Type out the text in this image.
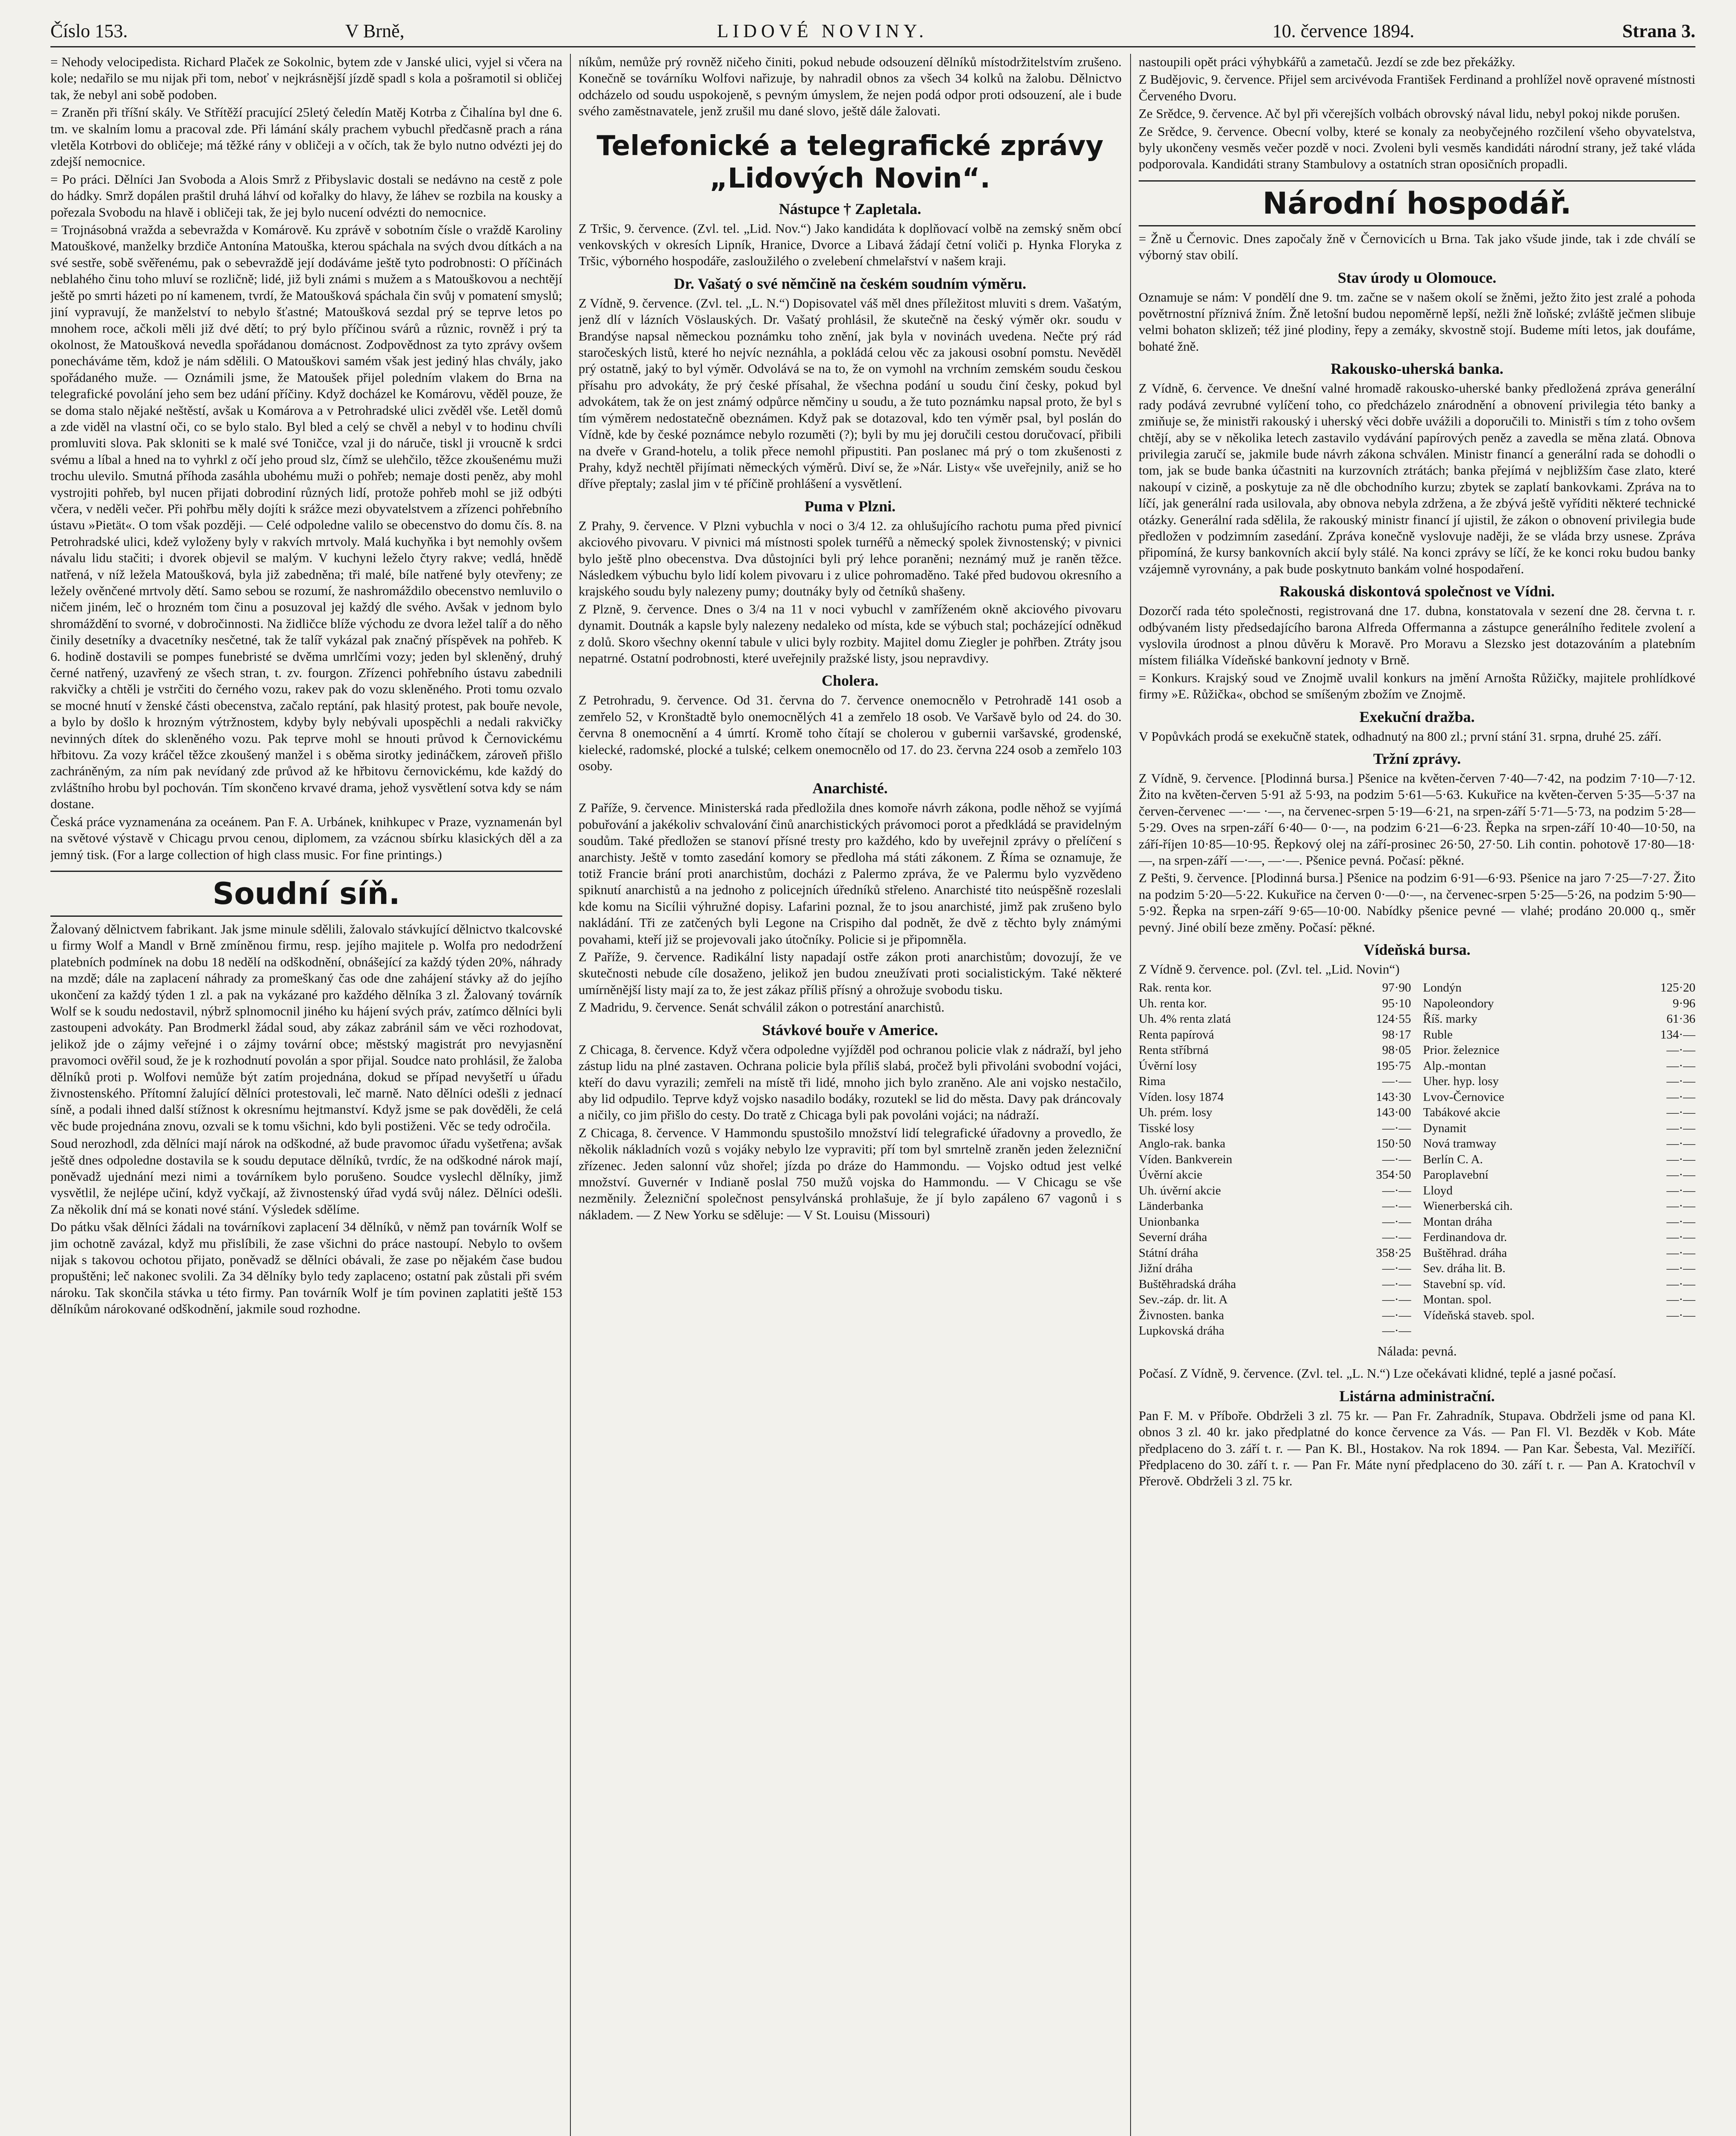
Číslo 153.	V Brně,	LIDOVÉ NOVINY.	10. července 1894.	Strana 3.

= Nehody velocipedista. Richard Plaček ze Sokolnic, bytem zde v Janské ulici, vyjel si včera na kole; nedařilo se mu nijak při tom, neboť v nejkrásnější jízdě spadl s kola a pošramotil si obličej tak, že nebyl ani sobě podoben.

= Zraněn při tříšní skály. Ve Střítěží pracující 25letý čeledín Matěj Kotrba z Čihalína byl dne 6. tm. ve skalním lomu a pracoval zde. Při lámání skály prachem vybuchl předčasně prach a rána vletěla Kotrbovi do obličeje; má těžké rány v obličeji a v očích, tak že bylo nutno odvézti jej do zdejší nemocnice.

= Po práci. Dělníci Jan Svoboda a Alois Smrž z Přibyslavic dostali se nedávno na cestě z pole do hádky. Smrž dopálen praštil druhá láhví od kořalky do hlavy, že láhev se rozbila na kousky a pořezala Svobodu na hlavě i obličeji tak, že jej bylo nucení odvézti do nemocnice.

= Trojnásobná vražda a sebevražda v Komárově. Ku zprávě v sobotním čísle o vraždě Karoliny Matouškové, manželky brzdiče Antonína Matouška, kterou spáchala na svých dvou dítkách a na své sestře, sobě svěřenému, pak o sebevraždě její dodáváme ještě tyto podrobnosti: O příčinách neblahého činu toho mluví se rozličně; lidé, již byli známi s mužem a s Matouškovou a nechtějí ještě po smrti házeti po ní kamenem, tvrdí, že Matoušková spáchala čin svůj v pomatení smyslů; jiní vypravují, že manželství to nebylo šťastné; Matoušková sezdal prý se teprve letos po mnohem roce, ačkoli měli již dvé dětí; to prý bylo příčinou svárů a různic, rovněž i prý ta okolnost, že Matoušková nevedla spořádanou domácnost. Zodpovědnost za tyto zprávy ovšem ponecháváme těm, kdož je nám sdělili. O Matouškovi samém však jest jediný hlas chvály, jako spořádaného muže. — Oznámili jsme, že Matoušek přijel poledním vlakem do Brna na telegrafické povolání jeho sem bez udání příčiny. Když docházel ke Komárovu, věděl pouze, že se doma stalo nějaké neštěstí, avšak u Komárova a v Petrohradské ulici zvěděl vše. Letěl domů a zde viděl na vlastní oči, co se bylo stalo. Byl bled a celý se chvěl a nebyl v to hodinu chvíli promluviti slova. Pak skloniti se k malé své Toničce, vzal ji do náruče, tiskl ji vroucně k srdci svému a líbal a hned na to vyhrkl z očí jeho proud slz, čímž se ulehčilo, těžce zkoušenému muži trochu ulevilo. Smutná příhoda zasáhla ubohému muži o pohřeb; nemaje dosti peněz, aby mohl vystrojiti pohřeb, byl nucen přijati dobrodiní různých lidí, protože pohřeb mohl se již odbýti včera, v neděli večer. Při pohřbu měly dojíti k srážce mezi obyvatelstvem a zřízenci pohřebního ústavu »Pietät«. O tom však později. — Celé odpoledne valilo se obecenstvo do domu čís. 8. na Petrohradské ulici, kdež vyloženy byly v rakvích mrtvoly. Malá kuchyňka i byt nemohly ovšem návalu lidu stačiti; i dvorek objevil se malým. V kuchyni leželo čtyry rakve; vedlá, hnědě natřená, v níž ležela Matoušková, byla již zabedněna; tři malé, bíle natřené byly otevřeny; ze ležely ověnčené mrtvoly dětí. Samo sebou se rozumí, že nashromáždilo obecenstvo nemluvilo o ničem jiném, leč o hrozném tom činu a posuzoval jej každý dle svého. Avšak v jednom bylo shromáždění to svorné, v dobročinnosti. Na židličce blíže východu ze dvora ležel talíř a do něho činily desetníky a dvacetníky nesčetné, tak že talíř vykázal pak značný příspěvek na pohřeb. K 6. hodině dostavili se pompes funebristé se dvěma umrlčími vozy; jeden byl skleněný, druhý černé natřený, uzavřený ze všech stran, t. zv. fourgon. Zřízenci pohřebního ústavu zabednili rakvičky a chtěli je vstrčiti do černého vozu, rakev pak do vozu skleněného. Proti tomu ozvalo se mocné hnutí v ženské části obecenstva, začalo reptání, pak hlasitý protest, pak bouře nevole, a bylo by došlo k hrozným výtržnostem, kdyby byly nebývali upospěchli a nedali rakvičky nevinných dítek do skleněného vozu. Pak teprve mohl se hnouti průvod k Černovickému hřbitovu. Za vozy kráčel těžce zkoušený manžel i s oběma sirotky jedináčkem, zároveň přišlo zachráněným, za ním pak nevídaný zde průvod až ke hřbitovu černovickému, kde každý do zvláštního hrobu byl pochován. Tím skončeno krvavé drama, jehož vysvětlení sotva kdy se nám dostane.

Česká práce vyznamenána za oceánem. Pan F. A. Urbánek, knihkupec v Praze, vyznamenán byl na světové výstavě v Chicagu prvou cenou, diplomem, za vzácnou sbírku klasických děl a za jemný tisk. (For a large collection of high class music. For fine printings.)

Soudní síň.

Žalovaný dělnictvem fabrikant. Jak jsme minule sdělili, žalovalo stávkující dělnictvo tkalcovské u firmy Wolf a Mandl v Brně zmíněnou firmu, resp. jejího majitele p. Wolfa pro nedodržení platebních podmínek na dobu 18 nedělí na odškodnění, obnášející za každý týden 20%, náhrady na mzdě; dále na zaplacení náhrady za promeškaný čas ode dne zahájení stávky až do jejího ukončení za každý týden 1 zl. a pak na vykázané pro každého dělníka 3 zl. Žalovaný továrník Wolf se k soudu nedostavil, nýbrž splnomocnil jiného ku hájení svých práv, zatímco dělníci byli zastoupeni advokáty. Pan Brodmerkl žádal soud, aby zákaz zabránil sám ve věci rozhodovat, jelikož jde o zájmy veřejné i o zájmy tovární obce; městský magistrát pro nevyjasnění pravomoci ověřil soud, že je k rozhodnutí povolán a spor přijal. Soudce nato prohlásil, že žaloba dělníků proti p. Wolfovi nemůže být zatím projednána, dokud se případ nevyšetří u úřadu živnostenského. Přítomní žalující dělníci protestovali, leč marně. Nato dělníci odešli z jednací síně, a podali ihned další stížnost k okresnímu hejtmanství. Když jsme se pak dověděli, že celá věc bude projednána znovu, ozvali se k tomu všichni, kdo byli postiženi. Věc se tedy odročila.

Soud nerozhodl, zda dělníci mají nárok na odškodné, až bude pravomoc úřadu vyšetřena; avšak ještě dnes odpoledne dostavila se k soudu deputace dělníků, tvrdíc, že na odškodné nárok mají, poněvadž ujednání mezi nimi a továrníkem bylo porušeno. Soudce vyslechl dělníky, jimž vysvětlil, že nejlépe učiní, když vyčkají, až živnostenský úřad vydá svůj nález. Dělníci odešli. Za několik dní má se konati nové stání. Výsledek sdělíme.

Do pátku však dělníci žádali na továrníkovi zaplacení 34 dělníků, v němž pan továrník Wolf se jim ochotně zavázal, když mu přislíbili, že zase všichni do práce nastoupí. Nebylo to ovšem nijak s takovou ochotou přijato, poněvadž se dělníci obávali, že zase po nějakém čase budou propuštěni; leč nakonec svolili. Za 34 dělníky bylo tedy zaplaceno; ostatní pak zůstali při svém nároku. Tak skončila stávka u této firmy. Pan továrník Wolf je tím povinen zaplatiti ještě 153 dělníkům nárokované odškodnění, jakmile soud rozhodne.

níkům, nemůže prý rovněž ničeho činiti, pokud nebude odsouzení dělníků místodržitelstvím zrušeno. Konečně se továrníku Wolfovi nařizuje, by nahradil obnos za všech 34 kolků na žalobu. Dělnictvo odcházelo od soudu uspokojeně, s pevným úmyslem, že nejen podá odpor proti odsouzení, ale i bude svého zaměstnavatele, jenž zrušil mu dané slovo, ještě dále žalovati.

Telefonické a telegrafické zprávy „Lidových Novin“.
Nástupce † Zapletala.

Z Tršic, 9. července. (Zvl. tel. „Lid. Nov.“) Jako kandidáta k doplňovací volbě na zemský sněm obcí venkovských v okresích Lipník, Hranice, Dvorce a Libavá žádají četní voliči p. Hynka Floryka z Tršic, výborného hospodáře, zasloužilého o zvelebení chmelařství v našem kraji.

Dr. Vašatý o své němčině na českém soudním výměru.

Z Vídně, 9. července. (Zvl. tel. „L. N.“) Dopisovatel váš měl dnes příležitost mluviti s drem. Vašatým, jenž dlí v lázních Vöslauských. Dr. Vašatý prohlásil, že skutečně na český výměr okr. soudu v Brandýse napsal německou poznámku toho znění, jak byla v novinách uvedena. Nečte prý rád staročeských listů, které ho nejvíc neznáhla, a pokládá celou věc za jakousi osobní pomstu. Nevěděl prý ostatně, jaký to byl výměr. Odvolává se na to, že on vymohl na vrchním zemském soudu českou přísahu pro advokáty, že prý české přísahal, že všechna podání u soudu činí česky, pokud byl advokátem, tak že on jest známý odpůrce němčiny u soudu, a že tuto poznámku napsal proto, že byl s tím výměrem nedostatečně obeznámen. Když pak se dotazoval, kdo ten výměr psal, byl poslán do Vídně, kde by české poznámce nebylo rozuměti (?); byli by mu jej doručili cestou doručovací, přibili na dveře v Grand-hotelu, a tolik přece nemohl připustiti. Pan poslanec má prý o tom zkušenosti z Prahy, když nechtěl přijímati německých výměrů. Diví se, že »Nár. Listy« vše uveřejnily, aniž se ho dříve přeptaly; zaslal jim v té příčině prohlášení a vysvětlení.

Puma v Plzni.

Z Prahy, 9. července. V Plzni vybuchla v noci o 3/4 12. za ohlušujícího rachotu puma před pivnicí akciového pivovaru. V pivnici má místnosti spolek turnéřů a německý spolek živnostenský; v pivnici bylo ještě plno obecenstva. Dva důstojníci byli prý lehce poraněni; neznámý muž je raněn těžce. Následkem výbuchu bylo lidí kolem pivovaru i z ulice pohromaděno. Také před budovou okresního a krajského soudu byly nalezeny pumy; doutnáky byly od četníků shašeny.

Z Plzně, 9. července. Dnes o 3/4 na 11 v noci vybuchl v zamříženém okně akciového pivovaru dynamit. Doutnák a kapsle byly nalezeny nedaleko od místa, kde se výbuch stal; pocházející odněkud z dolů. Skoro všechny okenní tabule v ulici byly rozbity. Majitel domu Ziegler je pohřben. Ztráty jsou nepatrné. Ostatní podrobnosti, které uveřejnily pražské listy, jsou nepravdivy.

Cholera.

Z Petrohradu, 9. července. Od 31. června do 7. července onemocnělo v Petrohradě 141 osob a zemřelo 52, v Kronštadtě bylo onemocnělých 41 a zemřelo 18 osob. Ve Varšavě bylo od 24. do 30. června 8 onemocnění a 4 úmrtí. Kromě toho čítají se cholerou v gubernii varšavské, grodenské, kielecké, radomské, plocké a tulské; celkem onemocnělo od 17. do 23. června 224 osob a zemřelo 103 osoby.

Anarchisté.

Z Paříže, 9. července. Ministerská rada předložila dnes komoře návrh zákona, podle něhož se vyjímá pobuřování a jakékoliv schvalování činů anarchistických právomoci porot a předkládá se pravidelným soudům. Také předložen se stanoví přísné tresty pro každého, kdo by uveřejnil zprávy o přelíčení s anarchisty. Ještě v tomto zasedání komory se předloha má státi zákonem. Z Říma se oznamuje, že totiž Francie brání proti anarchistům, docházi z Palermo zpráva, že ve Palermu bylo vyzvědeno spiknutí anarchistů a na jednoho z policejních úředníků střeleno. Anarchisté tito neúspěšně rozeslali kde komu na Sicílii výhružné dopisy. Lafarini poznal, že to jsou anarchisté, jimž pak zrušeno bylo nakládání. Tři ze zatčených byli Legone na Crispiho dal podnět, že dvě z těchto byly známými povahami, kteří již se projevovali jako útočníky. Policie si je připomněla.

Z Paříže, 9. července. Radikální listy napadají ostře zákon proti anarchistům; dovozují, že ve skutečnosti nebude cíle dosaženo, jelikož jen budou zneužívati proti socialistickým. Také některé umírněnější listy mají za to, že jest zákaz příliš přísný a ohrožuje svobodu tisku.

Z Madridu, 9. července. Senát schválil zákon o potrestání anarchistů.

Stávkové bouře v Americe.

Z Chicaga, 8. července. Když včera odpoledne vyjížděl pod ochranou policie vlak z nádraží, byl jeho zástup lidu na plné zastaven. Ochrana policie byla příliš slabá, pročež byli přivoláni svobodní vojáci, kteří do davu vyrazili; zemřeli na místě tři lidé, mnoho jich bylo zraněno. Ale ani vojsko nestačilo, aby lid odpudilo. Teprve když vojsko nasadilo bodáky, rozutekl se lid do města. Davy pak dráncovaly a ničily, co jim přišlo do cesty. Do tratě z Chicaga byli pak povoláni vojáci; na nádraží.

Z Chicaga, 8. července. V Hammondu spustošilo množství lidí telegrafické úřadovny a provedlo, že několik nákladních vozů s vojáky nebylo lze vypraviti; pří tom byl smrtelně zraněn jeden železniční zřízenec. Jeden salonní vůz shořel; jízda po dráze do Hammondu. — Vojsko odtud jest velké množství. Guvernér v Indianě poslal 750 mužů vojska do Hammondu. — V Chicagu se vše nezměnily. Železniční společnost pensylvánská prohlašuje, že jí bylo zapáleno 67 vagonů i s nákladem. — Z New Yorku se sděluje: — V St. Louisu (Missouri)

nastoupili opět práci výhybkářů a zametačů. Jezdí se zde bez překážky.

Z Budějovic, 9. července. Přijel sem arcivévoda František Ferdinand a prohlížel nově opravené místnosti Červeného Dvoru.

Ze Srědce, 9. července. Ač byl při včerejších volbách obrovský nával lidu, nebyl pokoj nikde porušen.

Ze Srědce, 9. července. Obecní volby, které se konaly za neobyčejného rozčilení všeho obyvatelstva, byly ukončeny vesměs večer pozdě v noci. Zvoleni byli vesměs kandidáti národní strany, jež také vláda podporovala. Kandidáti strany Stambulovy a ostatních stran oposičních propadli.

Národní hospodář.

= Žně u Černovic. Dnes započaly žně v Černovicích u Brna. Tak jako všude jinde, tak i zde chválí se výborný stav obilí.

Stav úrody u Olomouce.

Oznamuje se nám: V pondělí dne 9. tm. začne se v našem okolí se žněmi, ježto žito jest zralé a pohoda povětrnostní příznivá žním. Žně letošní budou nepoměrně lepší, nežli žně loňské; zvláště ječmen slibuje velmi bohaton sklizeň; též jiné plodiny, řepy a zemáky, skvostně stojí. Budeme míti letos, jak doufáme, bohaté žně.

Rakousko-uherská banka.

Z Vídně, 6. července. Ve dnešní valné hromadě rakousko-uherské banky předložená zpráva generální rady podává zevrubné vylíčení toho, co předcházelo znárodnění a obnovení privilegia této banky a zmiňuje se, že ministři rakouský i uherský věci dobře uvážili a doporučili to. Ministři s tím z toho ovšem chtějí, aby se v několika letech zastavilo vydávání papírových peněz a zavedla se měna zlatá. Obnova privilegia zaručí se, jakmile bude návrh zákona schválen. Ministr financí a generální rada se dohodli o tom, jak se bude banka účastniti na kurzovních ztrátách; banka přejímá v nejbližším čase zlato, které nakoupí v cizině, a poskytuje za ně dle obchodního kurzu; zbytek se zaplatí bankovkami. Zpráva na to líčí, jak generální rada usilovala, aby obnova nebyla zdržena, a že zbývá ještě vyříditi některé technické otázky. Generální rada sdělila, že rakouský ministr financí jí ujistil, že zákon o obnovení privilegia bude předložen v podzimním zasedání. Zpráva konečně vyslovuje naději, že se vláda brzy usnese. Zpráva připomíná, že kursy bankovních akcií byly stálé. Na konci zprávy se líčí, že ke konci roku budou banky vzájemně vyrovnány, a pak bude poskytnuto bankám volné hospodaření.

Rakouská diskontová společnost ve Vídni.

Dozorčí rada této společnosti, registrovaná dne 17. dubna, konstatovala v sezení dne 28. června t. r. odbývaném listy předsedajícího barona Alfreda Offermanna a zástupce generálního ředitele zvolení a vyslovila úrodnost a plnou důvěru k Moravě. Pro Moravu a Slezsko jest dotazováním a platebním místem filiálka Vídeňské bankovní jednoty v Brně.

= Konkurs. Krajský soud ve Znojmě uvalil konkurs na jmění Arnošta Růžičky, majitele prohlídkové firmy »E. Růžička«, obchod se smíšeným zbožím ve Znojmě.

Exekuční dražba.

V Popůvkách prodá se exekučně statek, odhadnutý na 800 zl.; první stání 31. srpna, druhé 25. září.

Tržní zprávy.

Z Vídně, 9. července. [Plodinná bursa.] Pšenice na květen-červen 7·40—7·42, na podzim 7·10—7·12. Žito na květen-červen 5·91 až 5·93, na podzim 5·61—5·63. Kukuřice na květen-červen 5·35—5·37 na červen-červenec —·— ·—, na červenec-srpen 5·19—6·21, na srpen-září 5·71—5·73, na podzim 5·28—5·29. Oves na srpen-září 6·40— 0·—, na podzim 6·21—6·23. Řepka na srpen-září 10·40—10·50, na září-říjen 10·85—10·95. Řepkový olej na září-prosinec 26·50, 27·50. Lih contin. pohotově 17·80—18·—, na srpen-září —·—, —·—. Pšenice pevná. Počasí: pěkné.

Z Pešti, 9. července. [Plodinná bursa.] Pšenice na podzim 6·91—6·93. Pšenice na jaro 7·25—7·27. Žito na podzim 5·20—5·22. Kukuřice na červen 0·—0·—, na červenec-srpen 5·25—5·26, na podzim 5·90—5·92. Řepka na srpen-září 9·65—10·00. Nabídky pšenice pevné — vlahé; prodáno 20.000 q., směr pevný. Jiné obilí beze změny. Počasí: pěkné.

Vídeňská bursa.

Z Vídně 9. července. pol. (Zvl. tel. „Lid. Novin“)

Rak. renta kor.	97·90
Uh. renta kor.	95·10
Uh. 4% renta zlatá	124·55
Renta papírová	98·17
Renta stříbrná	98·05
Úvěrní losy	195·75
Rima	—·—
Víden. losy 1874	143·30
Uh. prém. losy	143·00
Tisské losy	—·—
Anglo-rak. banka	150·50
Víden. Bankverein	—·—
Úvěrní akcie	354·50
Uh. úvěrní akcie	—·—
Länderbanka	—·—
Unionbanka	—·—
Severní dráha	—·—
Státní dráha	358·25
Jižní dráha	—·—
Buštěhradská dráha	—·—
Sev.-záp. dr. lit. A	—·—
Živnosten. banka	—·—
Lupkovská dráha	—·—
Londýn	125·20
Napoleondory	9·96
Říš. marky	61·36
Ruble	134·—
Prior. železnice	—·—
Alp.-montan	—·—
Uher. hyp. losy	—·—
Lvov-Černovice	—·—
Tabákové akcie	—·—
Dynamit	—·—
Nová tramway	—·—
Berlín C. A.	—·—
Paroplavební	—·—
Lloyd	—·—
Wienerberská cih.	—·—
Montan dráha	—·—
Ferdinandova dr.	—·—
Buštěhrad. dráha	—·—
Sev. dráha lit. B.	—·—
Stavební sp. víd.	—·—
Montan. spol.	—·—
Vídeňská staveb. spol.	—·—
Nálada: pevná.

Počasí. Z Vídně, 9. července. (Zvl. tel. „L. N.“) Lze očekávati klidné, teplé a jasné počasí.

Listárna administrační.

Pan F. M. v Příboře. Obdrželi 3 zl. 75 kr. — Pan Fr. Zahradník, Stupava. Obdrželi jsme od pana Kl. obnos 3 zl. 40 kr. jako předplatné do konce července za Vás. — Pan Fl. Vl. Bezděk v Kob. Máte předplaceno do 3. září t. r. — Pan K. Bl., Hostakov. Na rok 1894. — Pan Kar. Šebesta, Val. Meziříčí. Předplaceno do 30. září t. r. — Pan Fr. Máte nyní předplaceno do 30. září t. r. — Pan A. Kratochvíl v Přerově. Obdrželi 3 zl. 75 kr.
